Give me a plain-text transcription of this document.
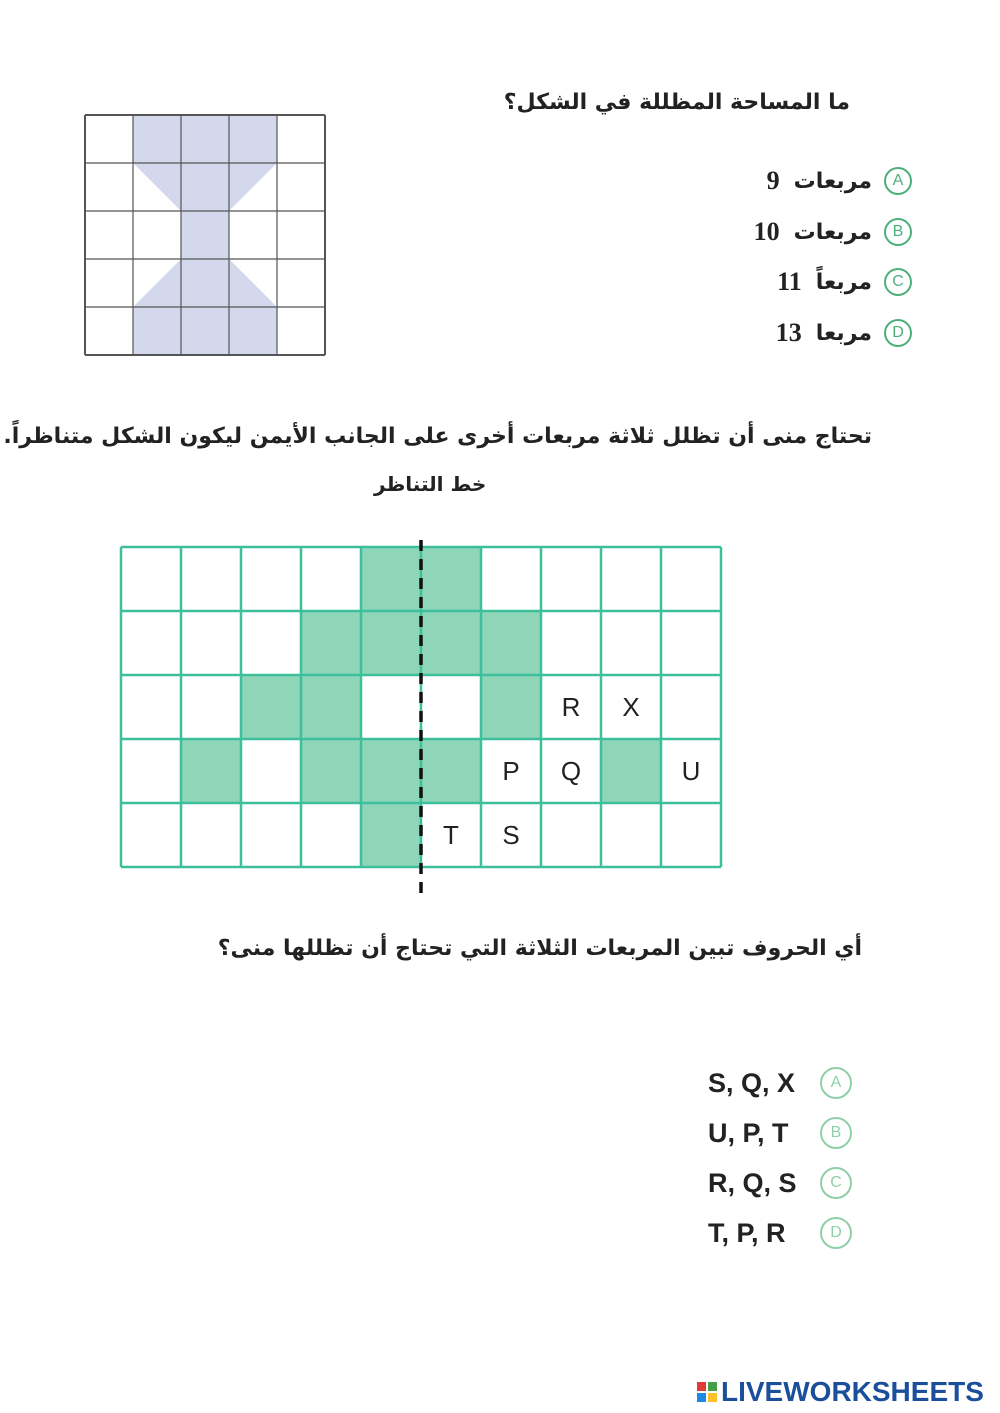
ما المساحة المظللة في الشكل؟
A
مربعات
9
B
مربعات
10
C
مربعاً
11
D
مربعا
13
تحتاج منى أن تظلل ثلاثة مربعات أخرى على الجانب الأيمن ليكون الشكل متناظراً.
خط التناظر
R X
P Q	U
T S
أي الحروف تبين المربعات الثلاثة التي تحتاج أن تظللها منى؟
S, Q, X	A
U, P, T	B
R, Q, S	C
T, P, R	D
LIVEWORKSHEETS
